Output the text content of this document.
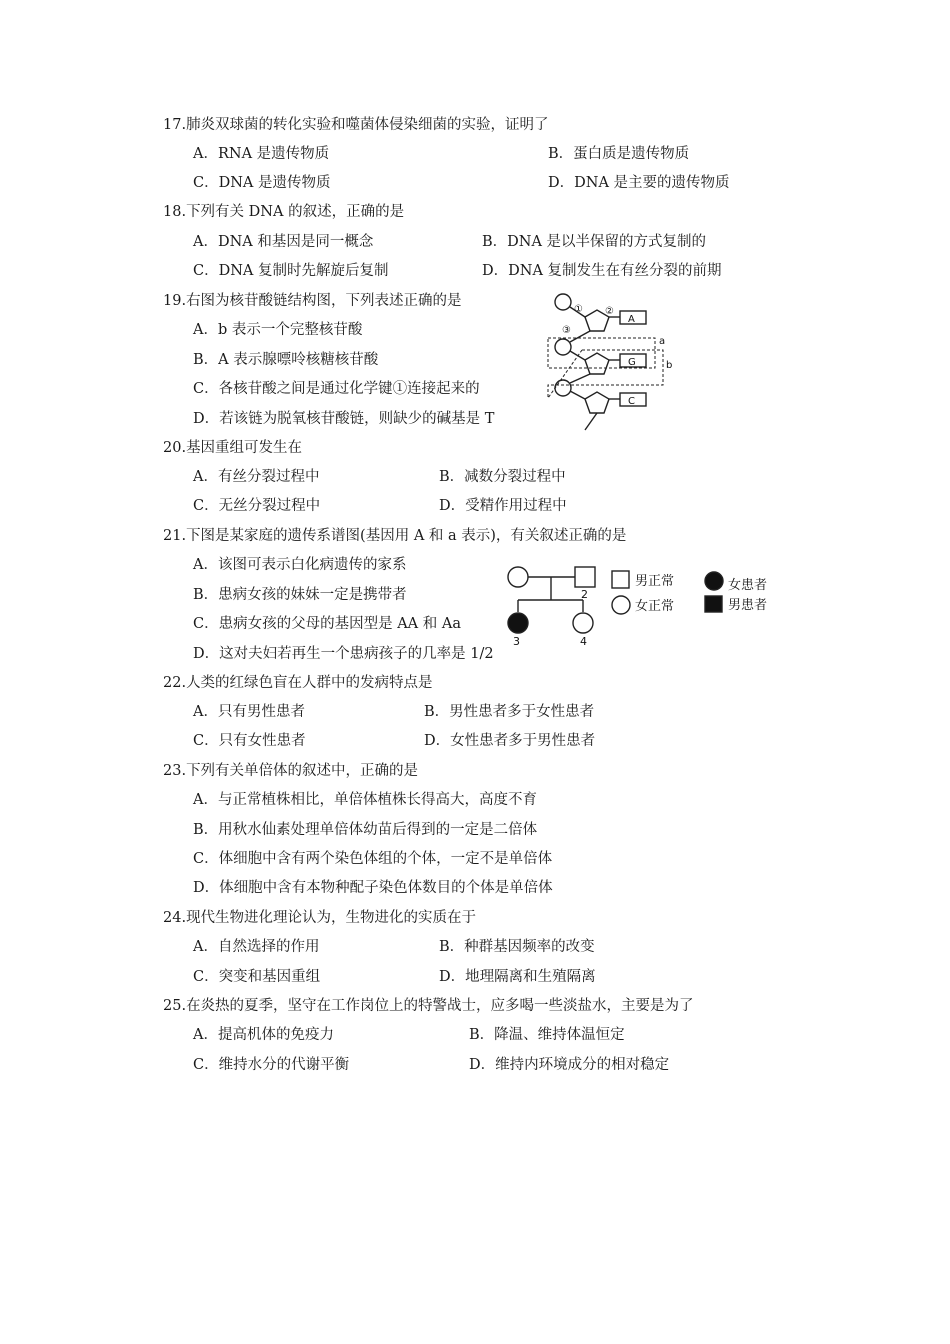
17.肺炎双球菌的转化实验和噬菌体侵染细菌的实验，证明了
A．RNA 是遗传物质	B．蛋白质是遗传物质
C．DNA 是遗传物质	D．DNA 是主要的遗传物质
18.下列有关 DNA 的叙述，正确的是
A．DNA 和基因是同一概念	B．DNA 是以半保留的方式复制的
C．DNA 复制时先解旋后复制	D．DNA 复制发生在有丝分裂的前期
19.右图为核苷酸链结构图，下列表述正确的是
A．b 表示一个完整核苷酸
B．A 表示腺嘌呤核糖核苷酸
C．各核苷酸之间是通过化学键①连接起来的
D．若该链为脱氧核苷酸链，则缺少的碱基是 T
A
G
C
① ②
③
a
b
20.基因重组可发生在
A．有丝分裂过程中	B．减数分裂过程中
C．无丝分裂过程中	D．受精作用过程中
21.下图是某家庭的遗传系谱图(基因用 A 和 a 表示)，有关叙述正确的是
A．该图可表示白化病遗传的家系
B．患病女孩的妹妹一定是携带者
C．患病女孩的父母的基因型是 AA 和 Aa
D．这对夫妇若再生一个患病孩子的几率是 1/2
2
3	4
男正常
女正常
女患者
男患者
22.人类的红绿色盲在人群中的发病特点是
A．只有男性患者	B．男性患者多于女性患者
C．只有女性患者	D．女性患者多于男性患者
23.下列有关单倍体的叙述中，正确的是
A．与正常植株相比，单倍体植株长得高大，高度不育
B．用秋水仙素处理单倍体幼苗后得到的一定是二倍体
C．体细胞中含有两个染色体组的个体，一定不是单倍体
D．体细胞中含有本物种配子染色体数目的个体是单倍体
24.现代生物进化理论认为，生物进化的实质在于
A．自然选择的作用	B．种群基因频率的改变
C．突变和基因重组	D．地理隔离和生殖隔离
25.在炎热的夏季，坚守在工作岗位上的特警战士，应多喝一些淡盐水，主要是为了
A．提高机体的免疫力	B．降温、维持体温恒定
C．维持水分的代谢平衡	D．维持内环境成分的相对稳定
